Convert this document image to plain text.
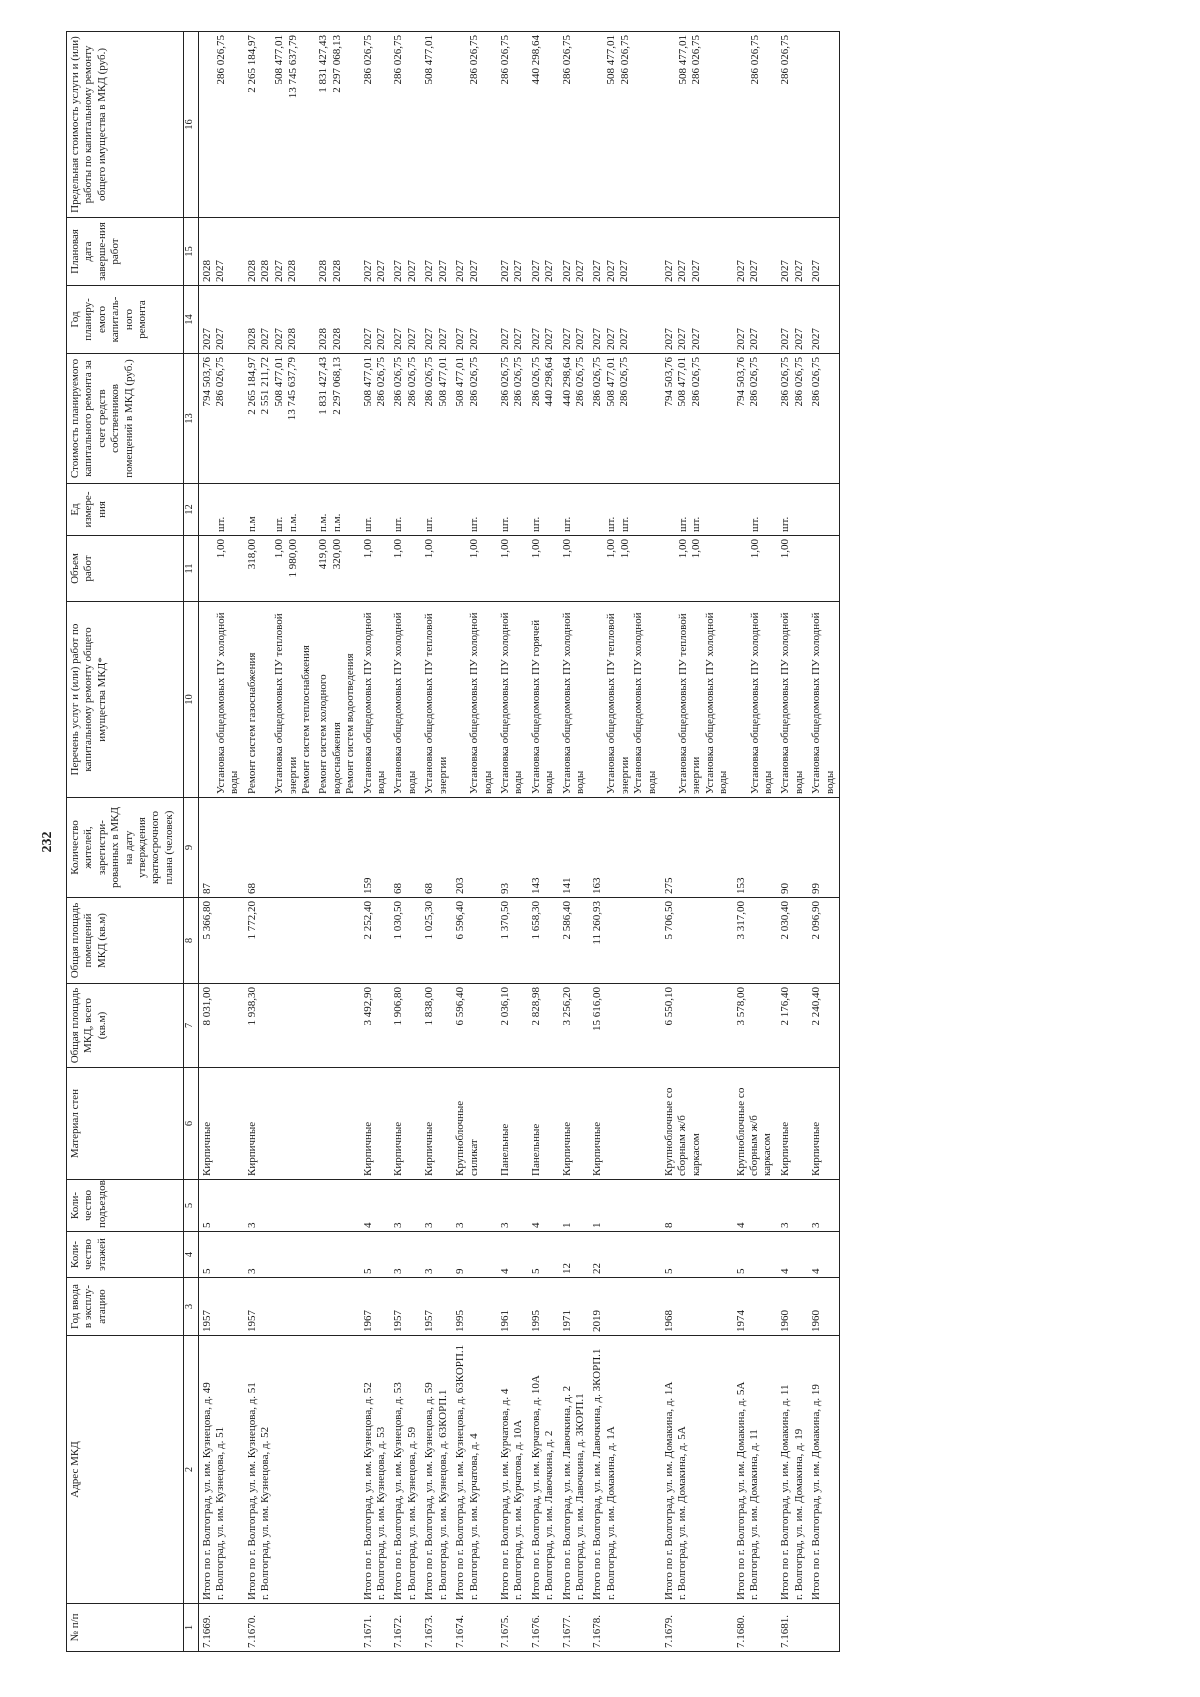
232
№ п/п	Адрес МКД	Год ввода в эксплу-атацию	Коли-чество этажей	Коли-чество подъездов	Материал стен	Общая площадь МКД, всего (кв.м)	Общая площадь помещений МКД (кв.м)	Количество жителей, зарегистри-рованных в МКД на дату утверждения краткосрочного плана (человек)	Перечень услуг и (или) работ по капитальному ремонту общего имущества МКД*	Объем работ	Ед измере-ния	Стоимость планируемого капитального ремонта за счет средств собственников помещений в МКД (руб.)	Год планиру-емого капиталь-ного ремонта	Плановая дата заверше-ния работ	Предельная стоимость услуги и (или) работы по капитальному ремонту общего имущества в МКД (руб.)
1	2	3	4	5	6	7	8	9	10	11	12	13	14	15	16

7.1669.	Итого по г. Волгоград, ул. им. Кузнецова, д. 49 г. Волгоград, ул. им. Кузнецова, д. 51	1957	5	5	Кирпичные	8 031,00	5 366,80	87	Установка общедомовых ПУ холодной воды	1,00	шт.	794 503,76 286 026,75	2027 2027	2028 2027	286 026,75

7.1670.	Итого по г. Волгоград, ул. им. Кузнецова, д. 51 г. Волгоград, ул. им. Кузнецова, д. 52	1957	3	3	Кирпичные	1 938,30	1 772,20	68	Ремонт систем газоснабжения Установка общедомовых ПУ тепловой энергии Ремонт систем теплоснабжения	318,00 1,00 1 980,00	п.м шт. п.м.	2 265 184,97 2 551 211,72 508 477,01 13 745 637,79	2028 2027 2027 2028	2028 2028 2027 2028	2 265 184,97 508 477,01 13 745 637,79

									Ремонт систем холодного водоснабжения Ремонт систем водоотведения	419,00 320,00	п.м. п.м.	1 831 427,43 2 297 068,13	2028 2028	2028 2028	1 831 427,43 2 297 068,13

7.1671.	Итого по г. Волгоград, ул. им. Кузнецова, д. 52 г. Волгоград, ул. им. Кузнецова, д. 53	1967	5	4	Кирпичные	3 492,90	2 252,40	159	Установка общедомовых ПУ холодной воды	1,00	шт.	508 477,01 286 026,75	2027 2027	2027 2027	286 026,75

7.1672.	Итого по г. Волгоград, ул. им. Кузнецова, д. 53 г. Волгоград, ул. им. Кузнецова, д. 59	1957	3	3	Кирпичные	1 906,80	1 030,50	68	Установка общедомовых ПУ холодной воды	1,00	шт.	286 026,75 286 026,75	2027 2027	2027 2027	286 026,75

7.1673.	Итого по г. Волгоград, ул. им. Кузнецова, д. 59 г. Волгоград, ул. им. Кузнецова, д. 63КОРП.1	1957	3	3	Кирпичные	1 838,00	1 025,30	68	Установка общедомовых ПУ тепловой энергии	1,00	шт.	286 026,75 508 477,01	2027 2027	2027 2027	508 477,01

7.1674.	Итого по г. Волгоград, ул. им. Кузнецова, д. 63КОРП.1 г. Волгоград, ул. им. Курчатова, д. 4	1995	9	3	Крупноблочные силикат	6 596,40	6 596,40	203	Установка общедомовых ПУ холодной воды	1,00	шт.	508 477,01 286 026,75	2027 2027	2027 2027	286 026,75

7.1675.	Итого по г. Волгоград, ул. им. Курчатова, д. 4 г. Волгоград, ул. им. Курчатова, д. 10А	1961	4	3	Панельные	2 036,10	1 370,50	93	Установка общедомовых ПУ холодной воды	1,00	шт.	286 026,75 286 026,75	2027 2027	2027 2027	286 026,75

7.1676.	Итого по г. Волгоград, ул. им. Курчатова, д. 10А г. Волгоград, ул. им. Лавочкина, д. 2	1995	5	4	Панельные	2 828,98	1 658,30	143	Установка общедомовых ПУ горячей воды	1,00	шт.	286 026,75 440 298,64	2027 2027	2027 2027	440 298,64

7.1677.	Итого по г. Волгоград, ул. им. Лавочкина, д. 2 г. Волгоград, ул. им. Лавочкина, д. 3КОРП.1	1971	12	1	Кирпичные	3 256,20	2 586,40	141	Установка общедомовых ПУ холодной воды	1,00	шт.	440 298,64 286 026,75	2027 2027	2027 2027	286 026,75

7.1678.	Итого по г. Волгоград, ул. им. Лавочкина, д. 3КОРП.1 г. Волгоград, ул. им. Домакина, д. 1А	2019	22	1	Кирпичные	15 616,00	11 260,93	163	Установка общедомовых ПУ тепловой энергии Установка общедомовых ПУ холодной воды	1,00 1,00	шт. шт.	286 026,75 508 477,01 286 026,75	2027 2027 2027	2027 2027 2027	508 477,01 286 026,75

7.1679.	Итого по г. Волгоград, ул. им. Домакина, д. 1А г. Волгоград, ул. им. Домакина, д. 5А	1968	5	8	Крупноблочные со сборным ж/б каркасом	6 550,10	5 706,50	275	Установка общедомовых ПУ тепловой энергии Установка общедомовых ПУ холодной воды	1,00 1,00	шт. шт.	794 503,76 508 477,01 286 026,75	2027 2027 2027	2027 2027 2027	508 477,01 286 026,75

7.1680.	Итого по г. Волгоград, ул. им. Домакина, д. 5А г. Волгоград, ул. им. Домакина, д. 11	1974	5	4	Крупноблочные со сборным ж/б каркасом	3 578,00	3 317,00	153	Установка общедомовых ПУ холодной воды	1,00	шт.	794 503,76 286 026,75	2027 2027	2027 2027	286 026,75

7.1681.	Итого по г. Волгоград, ул. им. Домакина, д. 11 г. Волгоград, ул. им. Домакина, д. 19	1960	4	3	Кирпичные	2 176,40	2 030,40	90	Установка общедомовых ПУ холодной воды	1,00	шт.	286 026,75 286 026,75	2027 2027	2027 2027	286 026,75

	Итого по г. Волгоград, ул. им. Домакина, д. 19	1960	4	3	Кирпичные	2 240,40	2 096,90	99	Установка общедомовых ПУ холодной воды			286 026,75	2027	2027	
